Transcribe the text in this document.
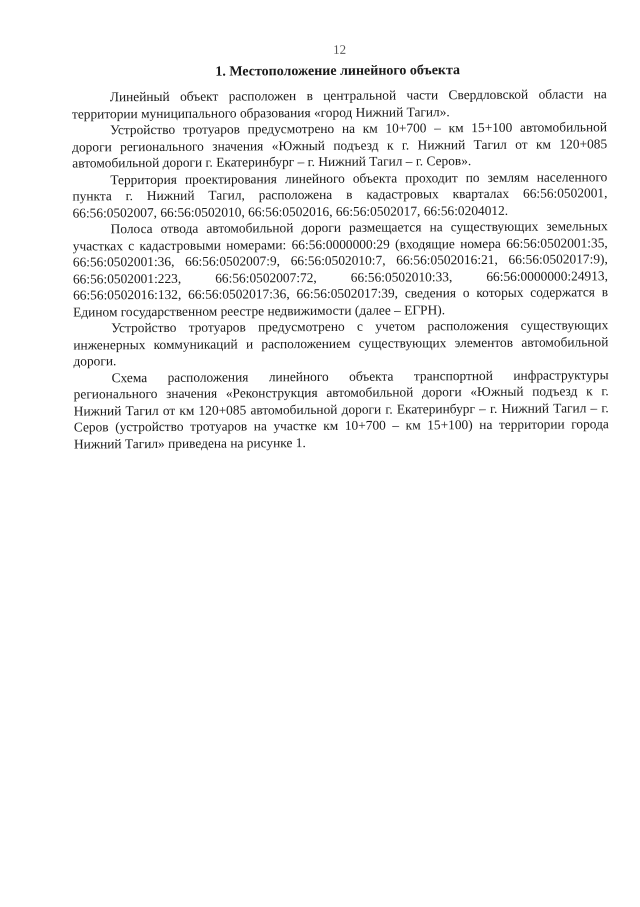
12
1. Местоположение линейного объекта

Линейный объект расположен в центральной части Свердловской области на территории муниципального образования «город Нижний Тагил».

Устройство тротуаров предусмотрено на км 10+700 – км 15+100 автомобильной дороги регионального значения «Южный подъезд к г. Нижний Тагил от км 120+085 автомобильной дороги г. Екатеринбург – г. Нижний Тагил – г. Серов».

Территория проектирования линейного объекта проходит по землям населенного пункта г. Нижний Тагил, расположена в кадастровых кварталах 66:56:0502001, 66:56:0502007, 66:56:0502010, 66:56:0502016, 66:56:0502017, 66:56:0204012.

Полоса отвода автомобильной дороги размещается на существующих земельных участках с кадастровыми номерами: 66:56:0000000:29 (входящие номера 66:56:0502001:35, 66:56:0502001:36, 66:56:0502007:9, 66:56:0502010:7, 66:56:0502016:21, 66:56:0502017:9), 66:56:0502001:223, 66:56:0502007:72, 66:56:0502010:33, 66:56:0000000:24913, 66:56:0502016:132, 66:56:0502017:36, 66:56:0502017:39, сведения о которых содержатся в Едином государственном реестре недвижимости (далее – ЕГРН).

Устройство тротуаров предусмотрено с учетом расположения существующих инженерных коммуникаций и расположением существующих элементов автомобильной дороги.

Схема расположения линейного объекта транспортной инфраструктуры регионального значения «Реконструкция автомобильной дороги «Южный подъезд к г. Нижний Тагил от км 120+085 автомобильной дороги г. Екатеринбург – г. Нижний Тагил – г. Серов (устройство тротуаров на участке км 10+700 – км 15+100) на территории города Нижний Тагил» приведена на рисунке 1.
